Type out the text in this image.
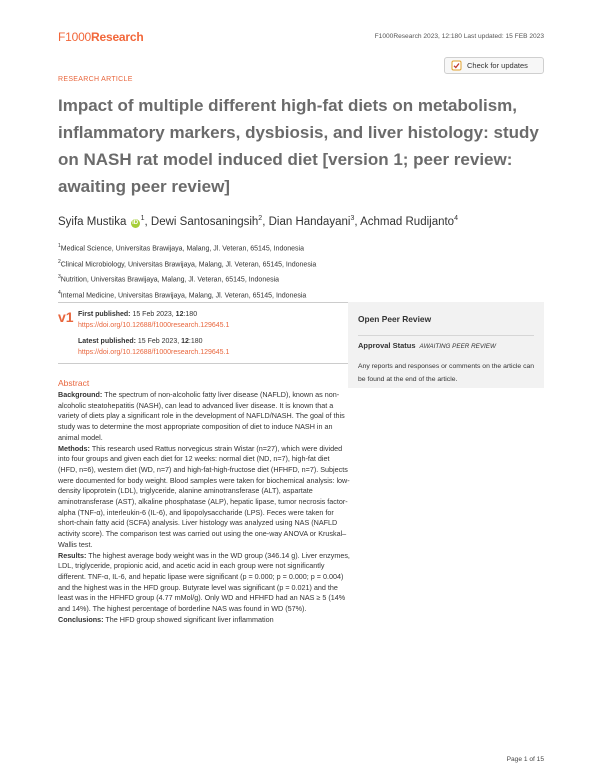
F1000Research	F1000Research 2023, 12:180 Last updated: 15 FEB 2023
RESEARCH ARTICLE
Check for updates
Impact of multiple different high-fat diets on metabolism, inflammatory markers, dysbiosis, and liver histology: study on NASH rat model induced diet [version 1; peer review: awaiting peer review]
Syifa Mustika $iD^1$, Dewi Santosaningsih$^2$, Dian Handayani$^3$, Achmad Rudijanto$^4$
$^1$Medical Science, Universitas Brawijaya, Malang, Jl. Veteran, 65145, Indonesia
$^2$Clinical Microbiology, Universitas Brawijaya, Malang, Jl. Veteran, 65145, Indonesia
$^3$Nutrition, Universitas Brawijaya, Malang, Jl. Veteran, 65145, Indonesia
$^4$Internal Medicine, Universitas Brawijaya, Malang, Jl. Veteran, 65145, Indonesia
v1 First published: 15 Feb 2023, 12:180
https://doi.org/10.12688/f1000research.129645.1
Latest published: 15 Feb 2023, 12:180
https://doi.org/10.12688/f1000research.129645.1
Open Peer Review
Approval Status AWAITING PEER REVIEW
Any reports and responses or comments on the article can be found at the end of the article.
Abstract

Background: The spectrum of non-alcoholic fatty liver disease (NAFLD), known as non-alcoholic steatohepatitis (NASH), can lead to advanced liver disease. It is known that a variety of diets play a significant role in the development of NAFLD/NASH. The goal of this study was to determine the most appropriate composition of diet to induce NASH in an animal model.

Methods: This research used Rattus norvegicus strain Wistar (n=27), which were divided into four groups and given each diet for 12 weeks: normal diet (ND, n=7), high-fat diet (HFD, n=6), western diet (WD, n=7) and high-fat-high-fructose diet (HFHFD, n=7). Subjects were documented for body weight. Blood samples were taken for biochemical analysis: low-density lipoprotein (LDL), triglyceride, alanine aminotransferase (ALT), aspartate aminotransferase (AST), alkaline phosphatase (ALP), hepatic lipase, tumor necrosis factor-alpha (TNF-α), interleukin-6 (IL-6), and lipopolysaccharide (LPS). Feces were taken for short-chain fatty acid (SCFA) analysis. Liver histology was analyzed using NAS (NAFLD activity score). The comparison test was carried out using the one-way ANOVA or Kruskal–Wallis test.

Results: The highest average body weight was in the WD group (346.14 g). Liver enzymes, LDL, triglyceride, propionic acid, and acetic acid in each group were not significantly different. TNF-α, IL-6, and hepatic lipase were significant (p = 0.000; p = 0.000; p = 0.004) and the highest was in the HFD group. Butyrate level was significant (p = 0.021) and the least was in the HFHFD group (4.77 mMol/g). Only WD and HFHFD had an NAS ≥ 5 (14% and 14%). The highest percentage of borderline NAS was found in WD (57%).

Conclusions: The HFD group showed significant liver inflammation

Page 1 of 15
